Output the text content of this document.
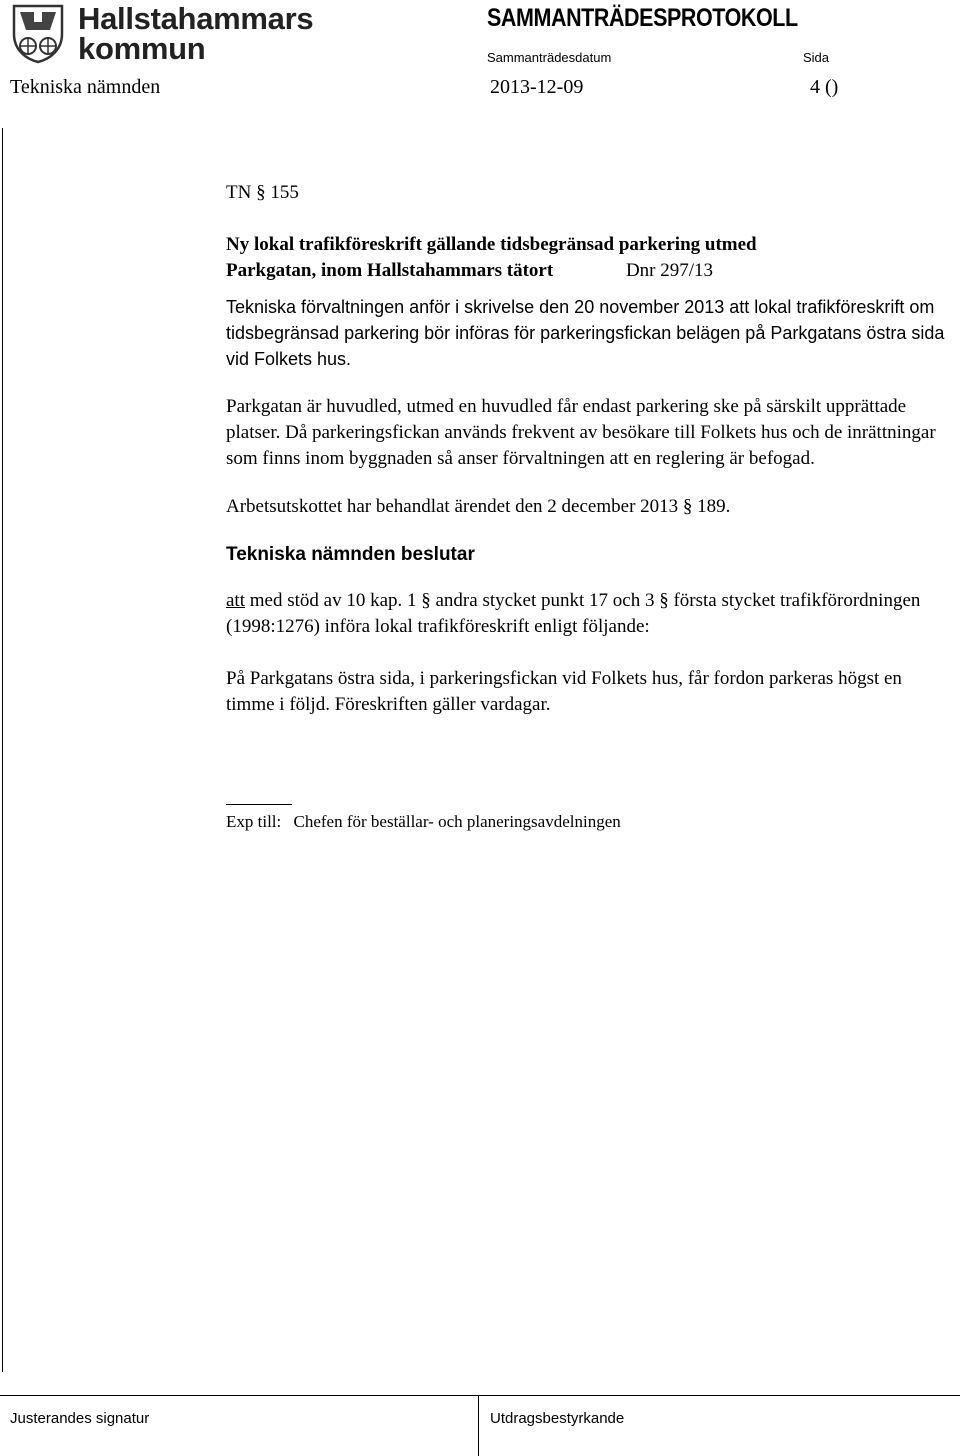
Hallstahammars
kommun
SAMMANTRÄDESPROTOKOLL
Sammanträdesdatum	Sida
Tekniska nämnden	2013-12-09	4 ()

TN § 155

Ny lokal trafikföreskrift gällande tidsbegränsad parkering utmed

Parkgatan, inom Hallstahammars tätort	Dnr 297/13

Tekniska förvaltningen anför i skrivelse den 20 november 2013 att lokal trafikföreskrift om tidsbegränsad parkering bör införas för parkeringsfickan belägen på Parkgatans östra sida vid Folkets hus.

Parkgatan är huvudled, utmed en huvudled får endast parkering ske på särskilt upprättade platser. Då parkeringsfickan används frekvent av besökare till Folkets hus och de inrättningar som finns inom byggnaden så anser förvaltningen att en reglering är befogad.

Arbetsutskottet har behandlat ärendet den 2 december 2013 § 189.

Tekniska nämnden beslutar

att med stöd av 10 kap. 1 § andra stycket punkt 17 och 3 § första stycket trafikförordningen (1998:1276) införa lokal trafikföreskrift enligt följande:

På Parkgatans östra sida, i parkeringsfickan vid Folkets hus, får fordon parkeras högst en timme i följd. Föreskriften gäller vardagar.

Exp till: Chefen för beställar- och planeringsavdelningen

Justerandes signatur	Utdragsbestyrkande
